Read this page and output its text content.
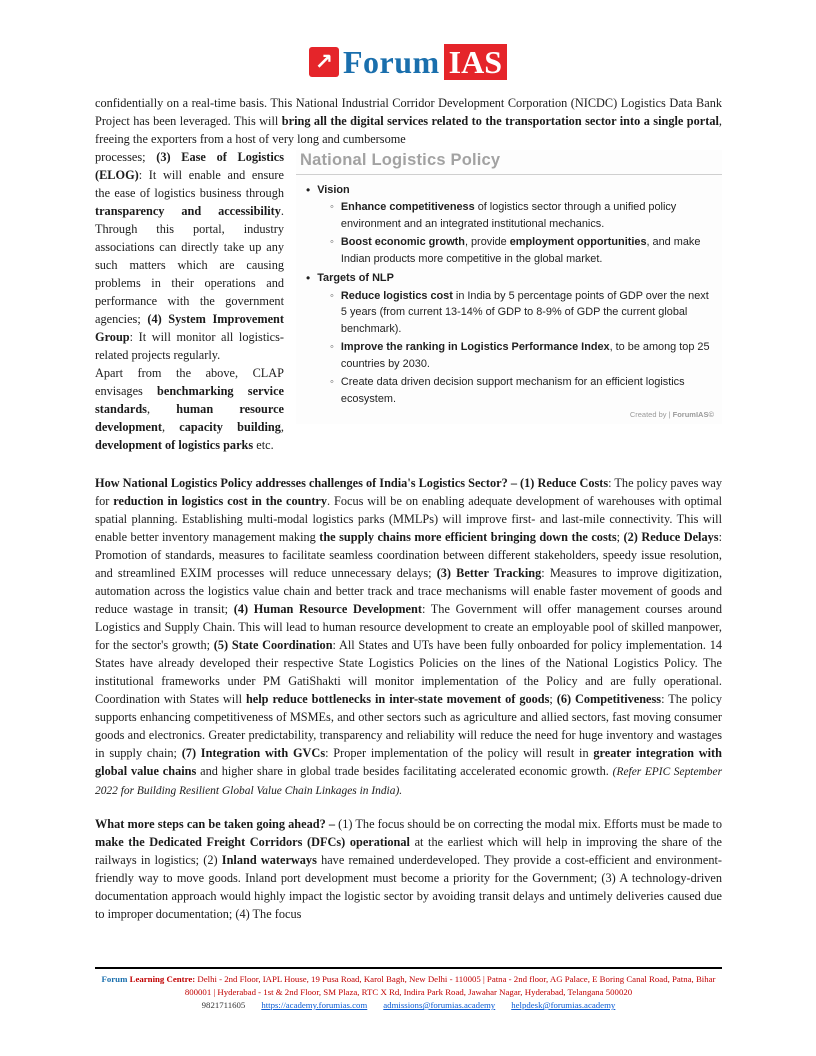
↗ Forum IAS

confidentially on a real-time basis. This National Industrial Corridor Development Corporation (NICDC) Logistics Data Bank Project has been leveraged. This will bring all the digital services related to the transportation sector into a single portal, freeing the exporters from a host of very long and cumbersome

National Logistics Policy
• Vision
◦ Enhance competitiveness of logistics sector through a unified policy environment and an integrated institutional mechanics.
◦ Boost economic growth, provide employment opportunities, and make Indian products more competitive in the global market.
• Targets of NLP
◦ Reduce logistics cost in India by 5 percentage points of GDP over the next 5 years (from current 13-14% of GDP to 8-9% of GDP the current global benchmark).
◦ Improve the ranking in Logistics Performance Index, to be among top 25 countries by 2030.
◦ Create data driven decision support mechanism for an efficient logistics ecosystem.
Created by | ForumIAS©

processes; (3) Ease of Logistics (ELOG): It will enable and ensure the ease of logistics business through transparency and accessibility. Through this portal, industry associations can directly take up any such matters which are causing problems in their operations and performance with the government agencies; (4) System Improvement Group: It will monitor all logistics-related projects regularly.

Apart from the above, CLAP envisages benchmarking service standards, human resource development, capacity building, development of logistics parks etc.

How National Logistics Policy addresses challenges of India's Logistics Sector? – (1) Reduce Costs: The policy paves way for reduction in logistics cost in the country. Focus will be on enabling adequate development of warehouses with optimal spatial planning. Establishing multi-modal logistics parks (MMLPs) will improve first- and last-mile connectivity. This will enable better inventory management making the supply chains more efficient bringing down the costs; (2) Reduce Delays: Promotion of standards, measures to facilitate seamless coordination between different stakeholders, speedy issue resolution, and streamlined EXIM processes will reduce unnecessary delays; (3) Better Tracking: Measures to improve digitization, automation across the logistics value chain and better track and trace mechanisms will enable faster movement of goods and reduce wastage in transit; (4) Human Resource Development: The Government will offer management courses around Logistics and Supply Chain. This will lead to human resource development to create an employable pool of skilled manpower, for the sector's growth; (5) State Coordination: All States and UTs have been fully onboarded for policy implementation. 14 States have already developed their respective State Logistics Policies on the lines of the National Logistics Policy. The institutional frameworks under PM GatiShakti will monitor implementation of the Policy and are fully operational. Coordination with States will help reduce bottlenecks in inter-state movement of goods; (6) Competitiveness: The policy supports enhancing competitiveness of MSMEs, and other sectors such as agriculture and allied sectors, fast moving consumer goods and electronics. Greater predictability, transparency and reliability will reduce the need for huge inventory and wastages in supply chain; (7) Integration with GVCs: Proper implementation of the policy will result in greater integration with global value chains and higher share in global trade besides facilitating accelerated economic growth. (Refer EPIC September 2022 for Building Resilient Global Value Chain Linkages in India).

What more steps can be taken going ahead? – (1) The focus should be on correcting the modal mix. Efforts must be made to make the Dedicated Freight Corridors (DFCs) operational at the earliest which will help in improving the share of the railways in logistics; (2) Inland waterways have remained underdeveloped. They provide a cost-efficient and environment-friendly way to move goods. Inland port development must become a priority for the Government; (3) A technology-driven documentation approach would highly impact the logistic sector by avoiding transit delays and untimely deliveries caused due to improper documentation; (4) The focus

Forum Learning Centre: Delhi - 2nd Floor, IAPL House, 19 Pusa Road, Karol Bagh, New Delhi - 110005 | Patna - 2nd floor, AG Palace, E Boring Canal Road, Patna, Bihar 800001 | Hyderabad - 1st & 2nd Floor, SM Plaza, RTC X Rd, Indira Park Road, Jawahar Nagar, Hyderabad, Telangana 500020
9821711605 https://academy.forumias.com admissions@forumias.academy helpdesk@forumias.academy
